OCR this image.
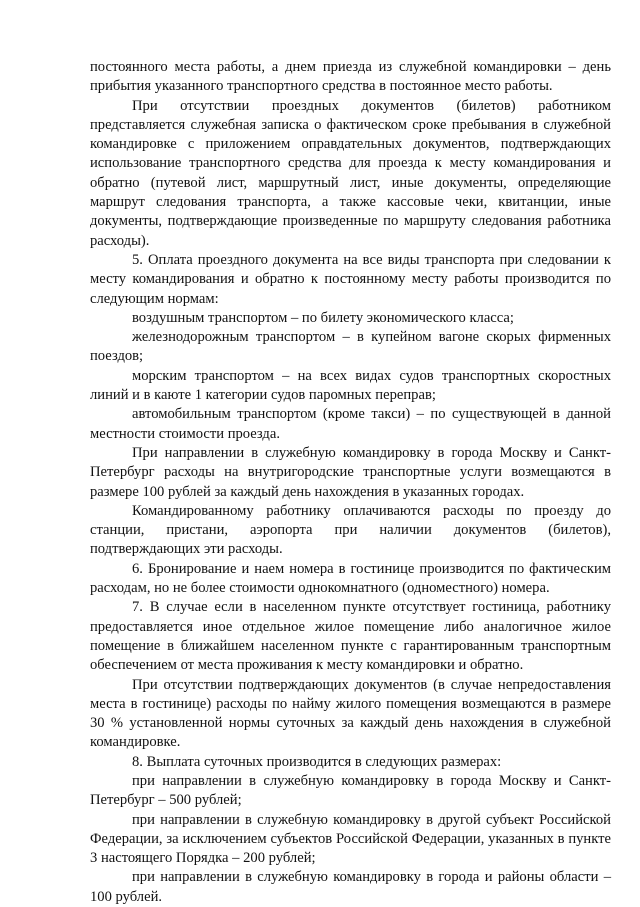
постоянного места работы, а днем приезда из служебной командировки – день прибытия указанного транспортного средства в постоянное место работы.

При отсутствии проездных документов (билетов) работником представляется служебная записка о фактическом сроке пребывания в служебной командировке с приложением оправдательных документов, подтверждающих использование транспортного средства для проезда к месту командирования и обратно (путевой лист, маршрутный лист, иные документы, определяющие маршрут следования транспорта, а также кассовые чеки, квитанции, иные документы, подтверждающие произведенные по маршруту следования работника расходы).

5. Оплата проездного документа на все виды транспорта при следовании к месту командирования и обратно к постоянному месту работы производится по следующим нормам:

воздушным транспортом – по билету экономического класса;

железнодорожным транспортом – в купейном вагоне скорых фирменных поездов;

морским транспортом – на всех видах судов транспортных скоростных линий и в каюте 1 категории судов паромных переправ;

автомобильным транспортом (кроме такси) – по существующей в данной местности стоимости проезда.

При направлении в служебную командировку в города Москву и Санкт-Петербург расходы на внутригородские транспортные услуги возмещаются в размере 100 рублей за каждый день нахождения в указанных городах.

Командированному работнику оплачиваются расходы по проезду до станции, пристани, аэропорта при наличии документов (билетов), подтверждающих эти расходы.

6. Бронирование и наем номера в гостинице производится по фактическим расходам, но не более стоимости однокомнатного (одноместного) номера.

7. В случае если в населенном пункте отсутствует гостиница, работнику предоставляется иное отдельное жилое помещение либо аналогичное жилое помещение в ближайшем населенном пункте с гарантированным транспортным обеспечением от места проживания к месту командировки и обратно.

При отсутствии подтверждающих документов (в случае непредоставления места в гостинице) расходы по найму жилого помещения возмещаются в размере 30 % установленной нормы суточных за каждый день нахождения в служебной командировке.

8. Выплата суточных производится в следующих размерах:

при направлении в служебную командировку в города Москву и Санкт-Петербург – 500 рублей;

при направлении в служебную командировку в другой субъект Российской Федерации, за исключением субъектов Российской Федерации, указанных в пункте 3 настоящего Порядка – 200 рублей;

при направлении в служебную командировку в города и районы области – 100 рублей.
